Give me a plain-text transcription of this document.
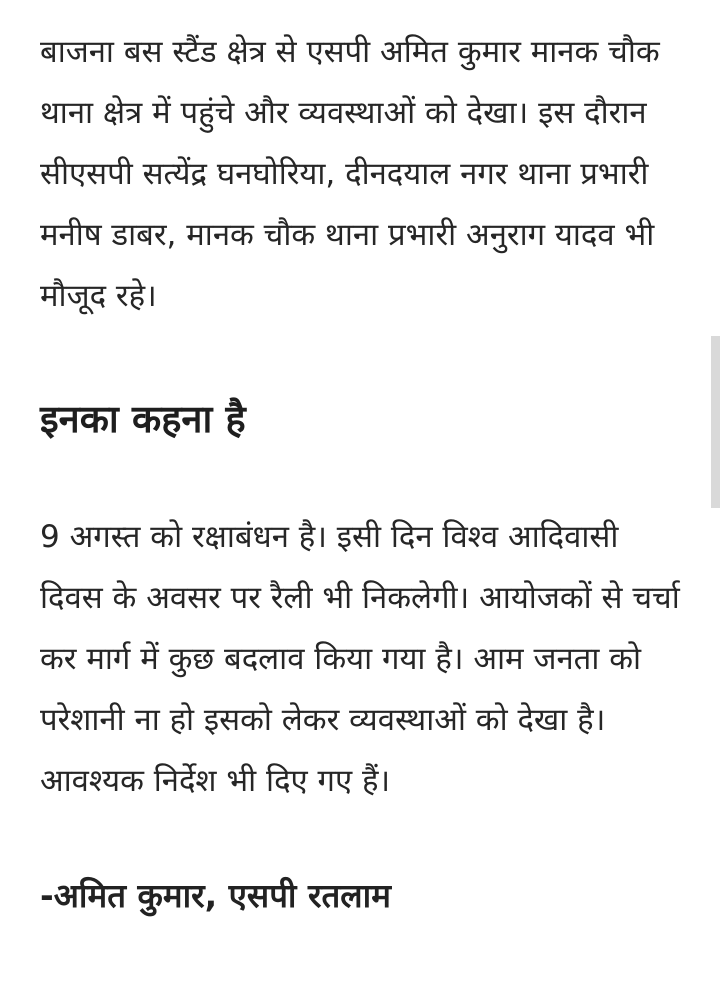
बाजना बस स्टैंड क्षेत्र से एसपी अमित कुमार मानक चौक थाना क्षेत्र में पहुंचे और व्यवस्थाओं को देखा। इस दौरान सीएसपी सत्येंद्र घनघोरिया, दीनदयाल नगर थाना प्रभारी मनीष डाबर, मानक चौक थाना प्रभारी अनुराग यादव भी मौजूद रहे।

इनका कहना है

9 अगस्त को रक्षाबंधन है। इसी दिन विश्व आदिवासी दिवस के अवसर पर रैली भी निकलेगी। आयोजकों से चर्चा कर मार्ग में कुछ बदलाव किया गया है। आम जनता को परेशानी ना हो इसको लेकर व्यवस्थाओं को देखा है। आवश्यक निर्देश भी दिए गए हैं।

-अमित कुमार, एसपी रतलाम
